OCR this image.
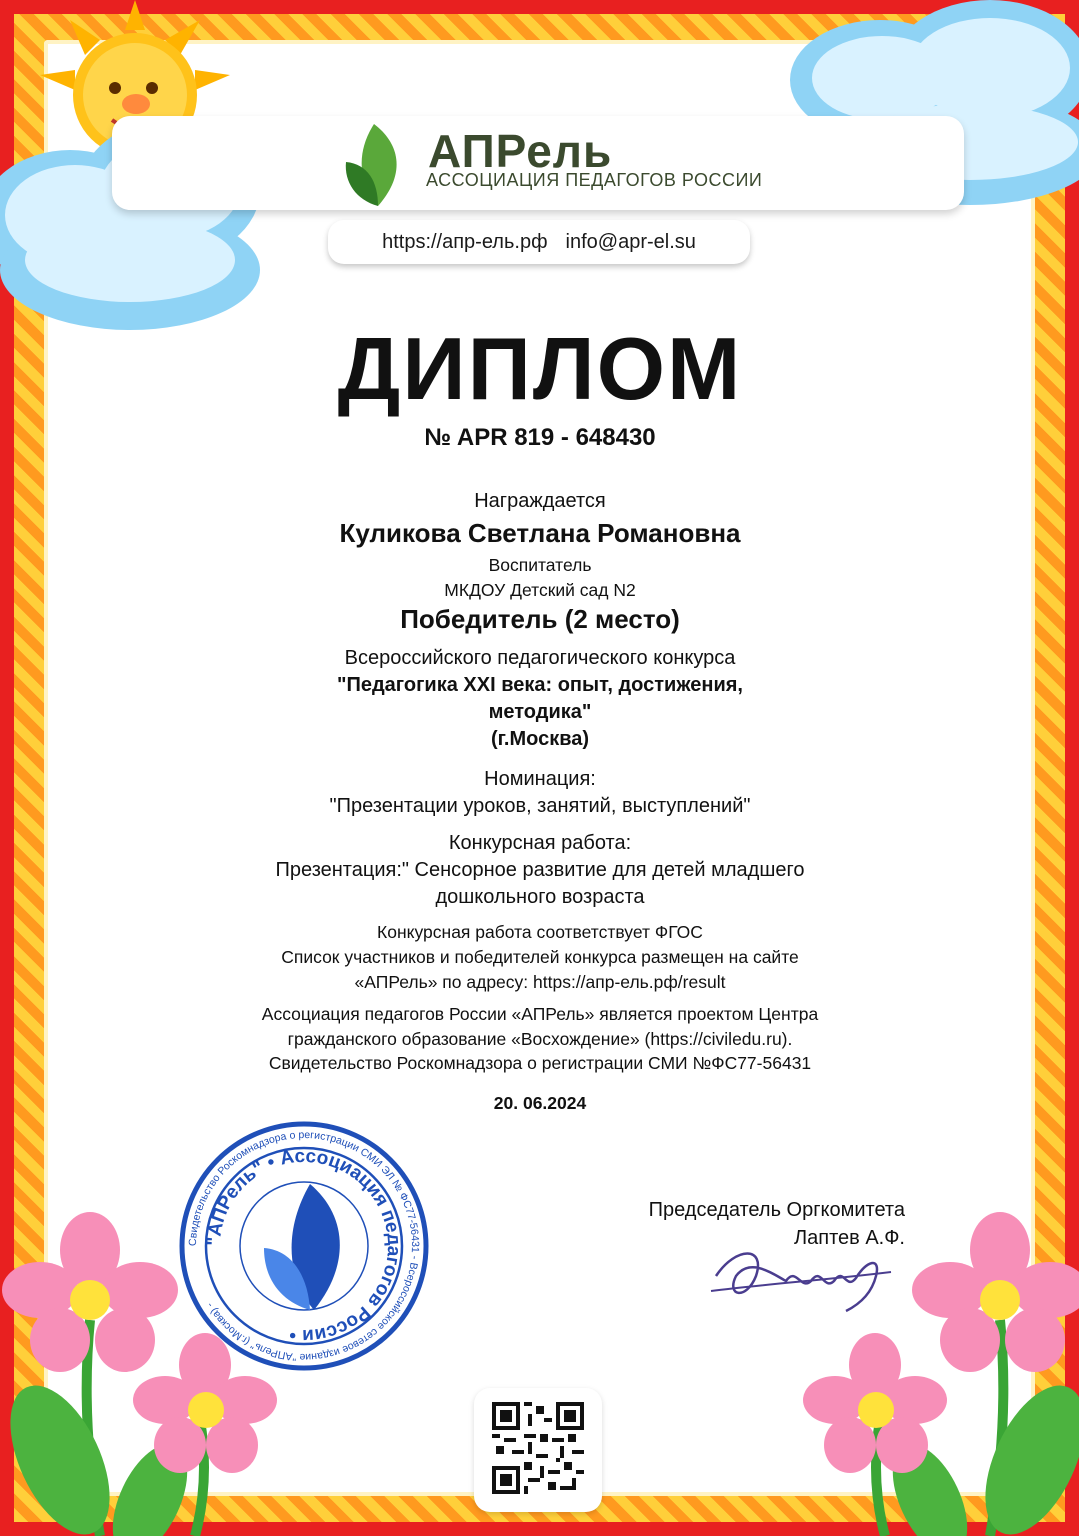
АПРель
АССОЦИАЦИЯ ПЕДАГОГОВ РОССИИ
https://апр-ель.рф info@apr-el.su
ДИПЛОМ
№ APR 819 - 648430
Награждается
Куликова Светлана Романовна
Воспитатель
МКДОУ Детский сад N2
Победитель (2 место)
Всероссийского педагогического конкурса
"Педагогика XXI века: опыт, достижения,
методика"
(г.Москва)
Номинация:
"Презентации уроков, занятий, выступлений"
Конкурсная работа:
Презентация:" Сенсорное развитие для детей младшего
дошкольного возраста
Конкурсная работа соответствует ФГОС
Список участников и победителей конкурса размещен на сайте
«АПРель» по адресу: https://апр-ель.рф/result
Ассоциация педагогов России «АПРель» является проектом Центра
гражданского образование «Восхождение» (https://civiledu.ru).
Свидетельство Роскомнадзора о регистрации СМИ №ФС77-56431
20. 06.2024
Свидетельство Роскомнадзора о регистрации СМИ ЭЛ № ФС77-56431 - Всероссийское сетевое издание "АПРель" (г.Москва) -
"АПРель" • Ассоциация педагогов России •
Председатель Оргкомитета
Лаптев А.Ф.
